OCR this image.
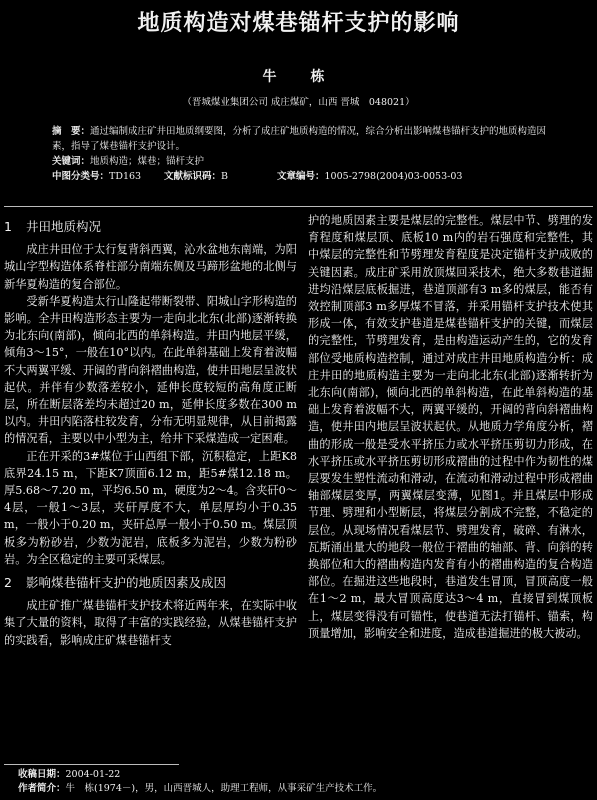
地质构造对煤巷锚杆支护的影响
牛　栋
（晋城煤业集团公司 成庄煤矿，山西 晋城　048021）
摘　要：通过编制成庄矿井田地质纲要图，分析了成庄矿地质构造的情况，综合分析出影响煤巷锚杆支护的地质构造因素，指导了煤巷锚杆支护设计。
关键词：地质构造；煤巷；锚杆支护
中图分类号：TD163	文献标识码：B	文章编号：1005-2798(2004)03-0053-03
1 井田地质构况

成庄井田位于太行复背斜西翼，沁水盆地东南端，为阳城山字型构造体系脊柱部分南端东侧及马蹄形盆地的北侧与新华夏构造的复合部位。

受新华夏构造太行山隆起带断裂带、阳城山字形构造的影响。全井田构造形态主要为一走向北北东(北部)逐渐转换为北东向(南部)，倾向北西的单斜构造。井田内地层平缓，倾角3～15°，一般在10°以内。在此单斜基础上发育着波幅不大两翼平缓、开阔的背向斜褶曲构造，使井田地层呈波状起伏。并伴有少数落差较小，延伸长度较短的高角度正断层，所在断层落差均未超过20 m，延伸长度多数在300 m以内。井田内陷落柱较发育，分布无明显规律，从目前揭露的情况看，主要以中小型为主，给井下采煤造成一定困难。

正在开采的3#煤位于山西组下部，沉积稳定，上距K8底界24.15 m，下距K7顶面6.12 m，距5#煤12.18 m。厚5.68～7.20 m，平均6.50 m，硬度为2～4。含夹矸0～4层，一般1～3层，夹矸厚度不大，单层厚均小于0.35 m，一般小于0.20 m，夹矸总厚一般小于0.50 m。煤层顶板多为粉砂岩，少数为泥岩，底板多为泥岩，少数为粉砂岩。为全区稳定的主要可采煤层。

2 影响煤巷锚杆支护的地质因素及成因

成庄矿推广煤巷锚杆支护技术将近两年来，在实际中收集了大量的资料，取得了丰富的实践经验，从煤巷锚杆支护的实践看，影响成庄矿煤巷锚杆支

护的地质因素主要是煤层的完整性。煤层中节、劈理的发育程度和煤层顶、底板10 m内的岩石强度和完整性，其中煤层的完整性和节劈理发育程度是决定锚杆支护成败的关键因素。成庄矿采用放顶煤回采技术，绝大多数巷道掘进均沿煤层底板掘进，巷道顶部有3 m多的煤层，能否有效控制顶部3 m多厚煤不冒落，并采用锚杆支护技术使其形成一体，有效支护巷道是煤巷锚杆支护的关键，而煤层的完整性，节劈理发育，是由构造运动产生的，它的发育部位受地质构造控制，通过对成庄井田地质构造分析：成庄井田的地质构造主要为一走向北北东(北部)逐渐转折为北东向(南部)，倾向北西的单斜构造，在此单斜构造的基础上发育着波幅不大，两翼平缓的，开阔的背向斜褶曲构造，使井田内地层呈波状起伏。从地质力学角度分析，褶曲的形成一般是受水平挤压力或水平挤压剪切力形成，在水平挤压或水平挤压剪切形成褶曲的过程中作为韧性的煤层要发生塑性流动和滑动，在流动和滑动过程中形成褶曲轴部煤层变厚，两翼煤层变薄，见图1。并且煤层中形成节理、劈理和小型断层，将煤层分割成不完整，不稳定的层位。从现场情况看煤层节、劈理发育，破碎、有淋水，瓦斯涌出量大的地段一般位于褶曲的轴部、背、向斜的转换部位和大的褶曲构造内发育有小的褶曲构造的复合构造部位。在掘进这些地段时，巷道发生冒顶，冒顶高度一般在1～2 m，最大冒顶高度达3～4 m，直接冒到煤顶板上，煤层变得没有可锚性，使巷道无法打锚杆、锚索，构顶量增加，影响安全和进度，造成巷道掘进的极大被动。

收稿日期：2004-01-22
作者简介：牛　栋(1974－)，男，山西晋城人，助理工程师，从事采矿生产技术工作。
